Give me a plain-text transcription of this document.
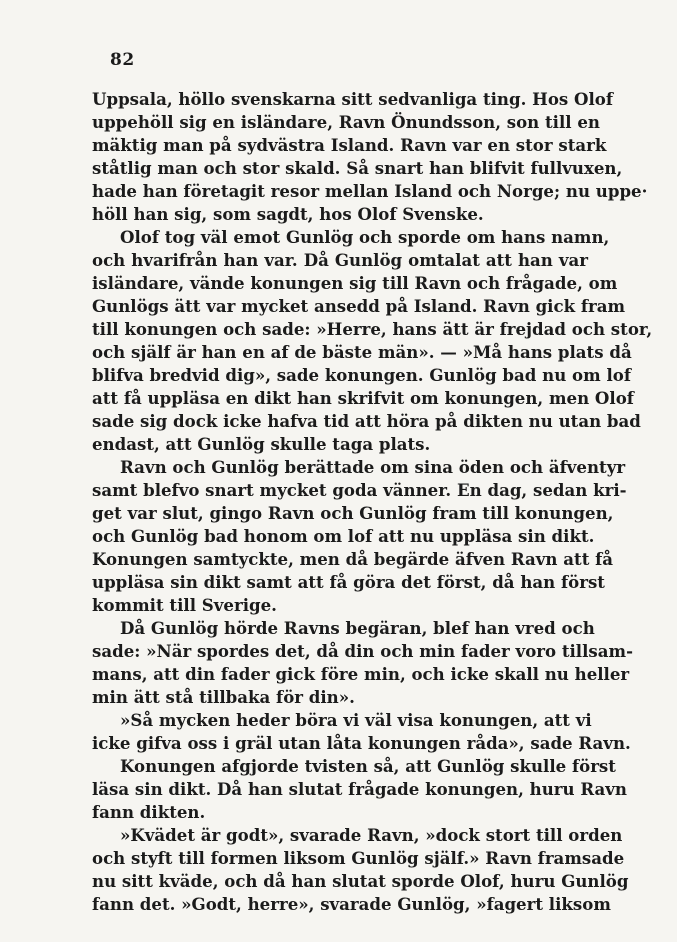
82
Uppsala, höllo svenskarna sitt sedvanliga ting. Hos Olof
uppehöll sig en isländare, Ravn Önundsson, son till en
mäktig man på sydvästra Island. Ravn var en stor stark
ståtlig man och stor skald. Så snart han blifvit fullvuxen,
hade han företagit resor mellan Island och Norge; nu uppe·
höll han sig, som sagdt, hos Olof Svenske.
Olof tog väl emot Gunlög och sporde om hans namn,
och hvarifrån han var. Då Gunlög omtalat att han var
isländare, vände konungen sig till Ravn och frågade, om
Gunlögs ätt var mycket ansedd på Island. Ravn gick fram
till konungen och sade: »Herre, hans ätt är frejdad och stor,
och själf är han en af de bäste män». — »Må hans plats då
blifva bredvid dig», sade konungen. Gunlög bad nu om lof
att få uppläsa en dikt han skrifvit om konungen, men Olof
sade sig dock icke hafva tid att höra på dikten nu utan bad
endast, att Gunlög skulle taga plats.
Ravn och Gunlög berättade om sina öden och äfventyr
samt blefvo snart mycket goda vänner. En dag, sedan kri-
get var slut, gingo Ravn och Gunlög fram till konungen,
och Gunlög bad honom om lof att nu uppläsa sin dikt.
Konungen samtyckte, men då begärde äfven Ravn att få
uppläsa sin dikt samt att få göra det först, då han först
kommit till Sverige.
Då Gunlög hörde Ravns begäran, blef han vred och
sade: »När spordes det, då din och min fader voro tillsam-
mans, att din fader gick före min, och icke skall nu heller
min ätt stå tillbaka för din».
»Så mycken heder böra vi väl visa konungen, att vi
icke gifva oss i gräl utan låta konungen råda», sade Ravn.
Konungen afgjorde tvisten så, att Gunlög skulle först
läsa sin dikt. Då han slutat frågade konungen, huru Ravn
fann dikten.
»Kvädet är godt», svarade Ravn, »dock stort till orden
och styft till formen liksom Gunlög själf.» Ravn framsade
nu sitt kväde, och då han slutat sporde Olof, huru Gunlög
fann det. »Godt, herre», svarade Gunlög, »fagert liksom
